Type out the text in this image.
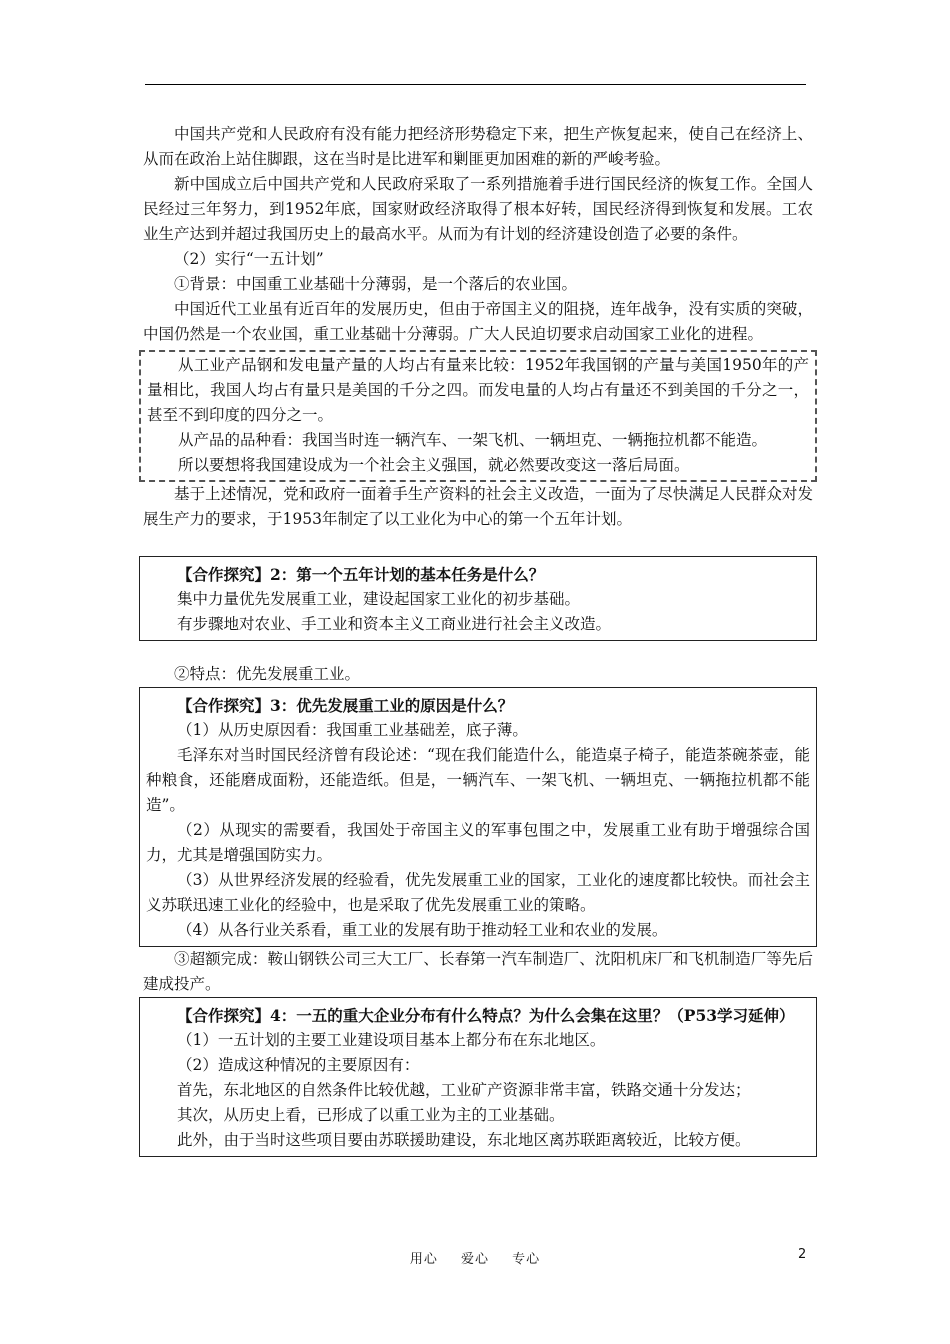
中国共产党和人民政府有没有能力把经济形势稳定下来，把生产恢复起来，使自己在经济上、从而在政治上站住脚跟，这在当时是比进军和剿匪更加困难的新的严峻考验。

新中国成立后中国共产党和人民政府采取了一系列措施着手进行国民经济的恢复工作。全国人民经过三年努力，到1952年底，国家财政经济取得了根本好转，国民经济得到恢复和发展。工农业生产达到并超过我国历史上的最高水平。从而为有计划的经济建设创造了必要的条件。

（2）实行“一五计划”

①背景：中国重工业基础十分薄弱，是一个落后的农业国。

中国近代工业虽有近百年的发展历史，但由于帝国主义的阻挠，连年战争，没有实质的突破，中国仍然是一个农业国，重工业基础十分薄弱。广大人民迫切要求启动国家工业化的进程。

从工业产品钢和发电量产量的人均占有量来比较：1952年我国钢的产量与美国1950年的产量相比，我国人均占有量只是美国的千分之四。而发电量的人均占有量还不到美国的千分之一，甚至不到印度的四分之一。

从产品的品种看：我国当时连一辆汽车、一架飞机、一辆坦克、一辆拖拉机都不能造。

所以要想将我国建设成为一个社会主义强国，就必然要改变这一落后局面。

基于上述情况，党和政府一面着手生产资料的社会主义改造，一面为了尽快满足人民群众对发展生产力的要求，于1953年制定了以工业化为中心的第一个五年计划。

【合作探究】2：第一个五年计划的基本任务是什么？

集中力量优先发展重工业，建设起国家工业化的初步基础。

有步骤地对农业、手工业和资本主义工商业进行社会主义改造。

②特点：优先发展重工业。

【合作探究】3：优先发展重工业的原因是什么？

（1）从历史原因看：我国重工业基础差，底子薄。

毛泽东对当时国民经济曾有段论述：“现在我们能造什么，能造桌子椅子，能造茶碗茶壶，能种粮食，还能磨成面粉，还能造纸。但是，一辆汽车、一架飞机、一辆坦克、一辆拖拉机都不能造”。

（2）从现实的需要看，我国处于帝国主义的军事包围之中，发展重工业有助于增强综合国力，尤其是增强国防实力。

（3）从世界经济发展的经验看，优先发展重工业的国家，工业化的速度都比较快。而社会主义苏联迅速工业化的经验中，也是采取了优先发展重工业的策略。

（4）从各行业关系看，重工业的发展有助于推动轻工业和农业的发展。

③超额完成：鞍山钢铁公司三大工厂、长春第一汽车制造厂、沈阳机床厂和飞机制造厂等先后建成投产。

【合作探究】4：一五的重大企业分布有什么特点？为什么会集在这里？（P53学习延伸）

（1）一五计划的主要工业建设项目基本上都分布在东北地区。

（2）造成这种情况的主要原因有：

首先，东北地区的自然条件比较优越，工业矿产资源非常丰富，铁路交通十分发达；

其次，从历史上看，已形成了以重工业为主的工业基础。

此外，由于当时这些项目要由苏联援助建设，东北地区离苏联距离较近，比较方便。

用心 爱心 专心	2
